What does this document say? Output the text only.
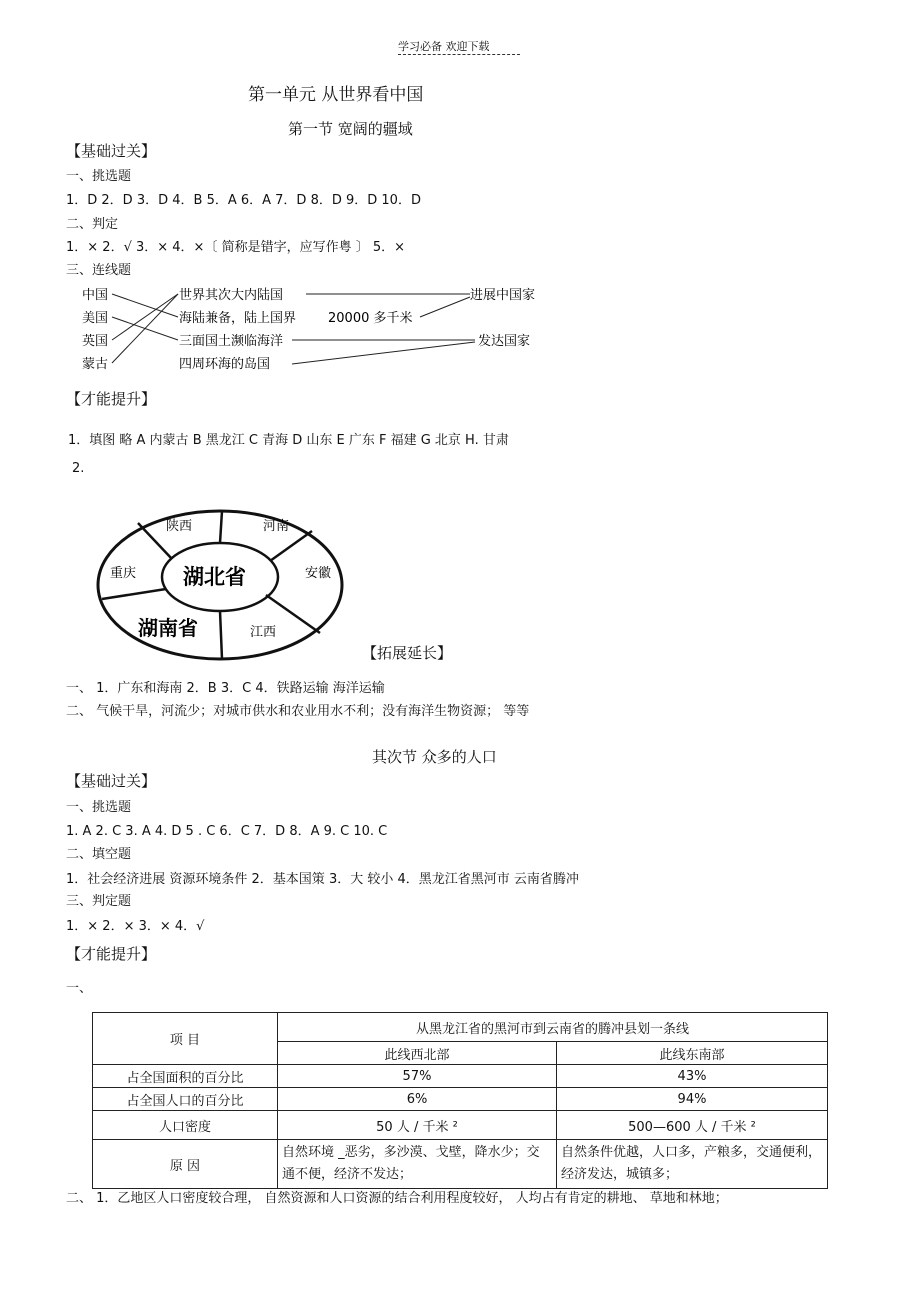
学习必备 欢迎下载
第一单元 从世界看中国
第一节 宽阔的疆域
【基础过关】
一、挑选题
1．D 2．D 3．D 4．B 5．A 6．A 7．D 8．D 9．D 10．D
二、判定
1．× 2．√ 3．× 4．×〔 简称是错字，应写作粤 〕 5．×
三、连线题
中国
美国
英国
蒙古
世界其次大内陆国
海陆兼备，陆上国界 20000 多千米
三面国土濒临海洋
四周环海的岛国
进展中国家
发达国家
【才能提升】
1．填图 略 A 内蒙古 B 黑龙江 C 青海 D 山东 E 广东 F 福建 G 北京 H. 甘肃
2.
湖北省
湖南省
陕西	河南
重庆	安徽
江西
【拓展延长】
一、 1．广东和海南 2．B 3．C 4．铁路运输 海洋运输
二、 气候干旱，河流少；对城市供水和农业用水不利；没有海洋生物资源； 等等
其次节 众多的人口
【基础过关】
一、挑选题
1. A 2. C 3. A 4. D 5 . C 6．C 7．D 8．A 9. C 10. C
二、填空题
1．社会经济进展 资源环境条件 2．基本国策 3．大 较小 4．黑龙江省黑河市 云南省腾冲
三、判定题
1．× 2．× 3．× 4．√
【才能提升】
一、
项 目	从黑龙江省的黑河市到云南省的腾冲县划一条线	
	此线西北部	此线东南部
占全国面积的百分比	57%	43%
占全国人口的百分比	6%	94%
人口密度	50 人 / 千米 ²	500—600 人 / 千米 ²
原 因	自然环境 _恶劣，多沙漠、戈壁，降水少；交通不便，经济不发达；	自然条件优越，人口多，产粮多，交通便利，经济发达，城镇多；
二、 1．乙地区人口密度较合理， 自然资源和人口资源的结合利用程度较好， 人均占有肯定的耕地、 草地和林地；
